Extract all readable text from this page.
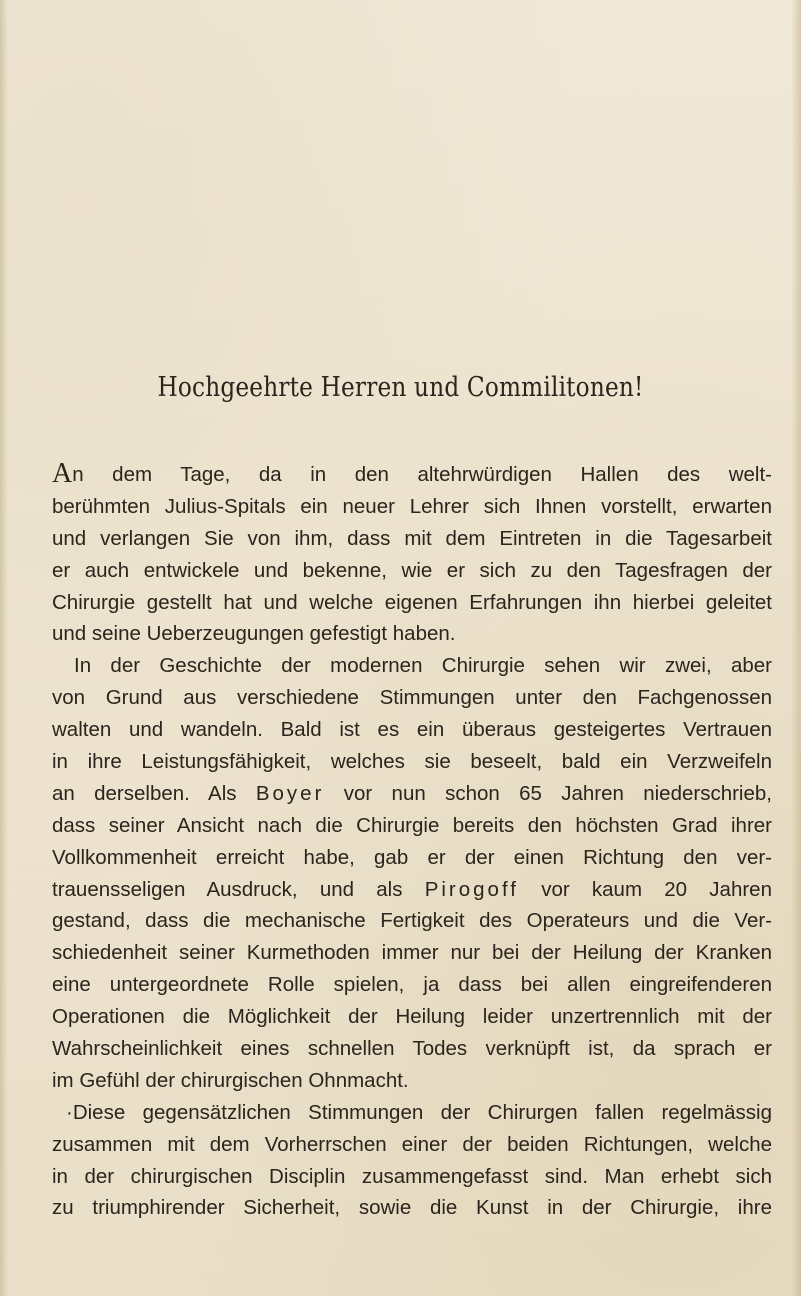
Hochgeehrte Herren und Commilitonen!
An dem Tage, da in den altehrwürdigen Hallen des welt-
berühmten Julius-Spitals ein neuer Lehrer sich Ihnen vorstellt, erwarten
und verlangen Sie von ihm, dass mit dem Eintreten in die Tagesarbeit
er auch entwickele und bekenne, wie er sich zu den Tagesfragen der
Chirurgie gestellt hat und welche eigenen Erfahrungen ihn hierbei geleitet
und seine Ueberzeugungen gefestigt haben.
In der Geschichte der modernen Chirurgie sehen wir zwei, aber
von Grund aus verschiedene Stimmungen unter den Fachgenossen
walten und wandeln. Bald ist es ein überaus gesteigertes Vertrauen
in ihre Leistungsfähigkeit, welches sie beseelt, bald ein Verzweifeln
an derselben. Als Boyer vor nun schon 65 Jahren niederschrieb,
dass seiner Ansicht nach die Chirurgie bereits den höchsten Grad ihrer
Vollkommenheit erreicht habe, gab er der einen Richtung den ver-
trauensseligen Ausdruck, und als Pirogoff vor kaum 20 Jahren
gestand, dass die mechanische Fertigkeit des Operateurs und die Ver-
schiedenheit seiner Kurmethoden immer nur bei der Heilung der Kranken
eine untergeordnete Rolle spielen, ja dass bei allen eingreifenderen
Operationen die Möglichkeit der Heilung leider unzertrennlich mit der
Wahrscheinlichkeit eines schnellen Todes verknüpft ist, da sprach er
im Gefühl der chirurgischen Ohnmacht.
·Diese gegensätzlichen Stimmungen der Chirurgen fallen regelmässig
zusammen mit dem Vorherrschen einer der beiden Richtungen, welche
in der chirurgischen Disciplin zusammengefasst sind. Man erhebt sich
zu triumphirender Sicherheit, sowie die Kunst in der Chirurgie, ihre
